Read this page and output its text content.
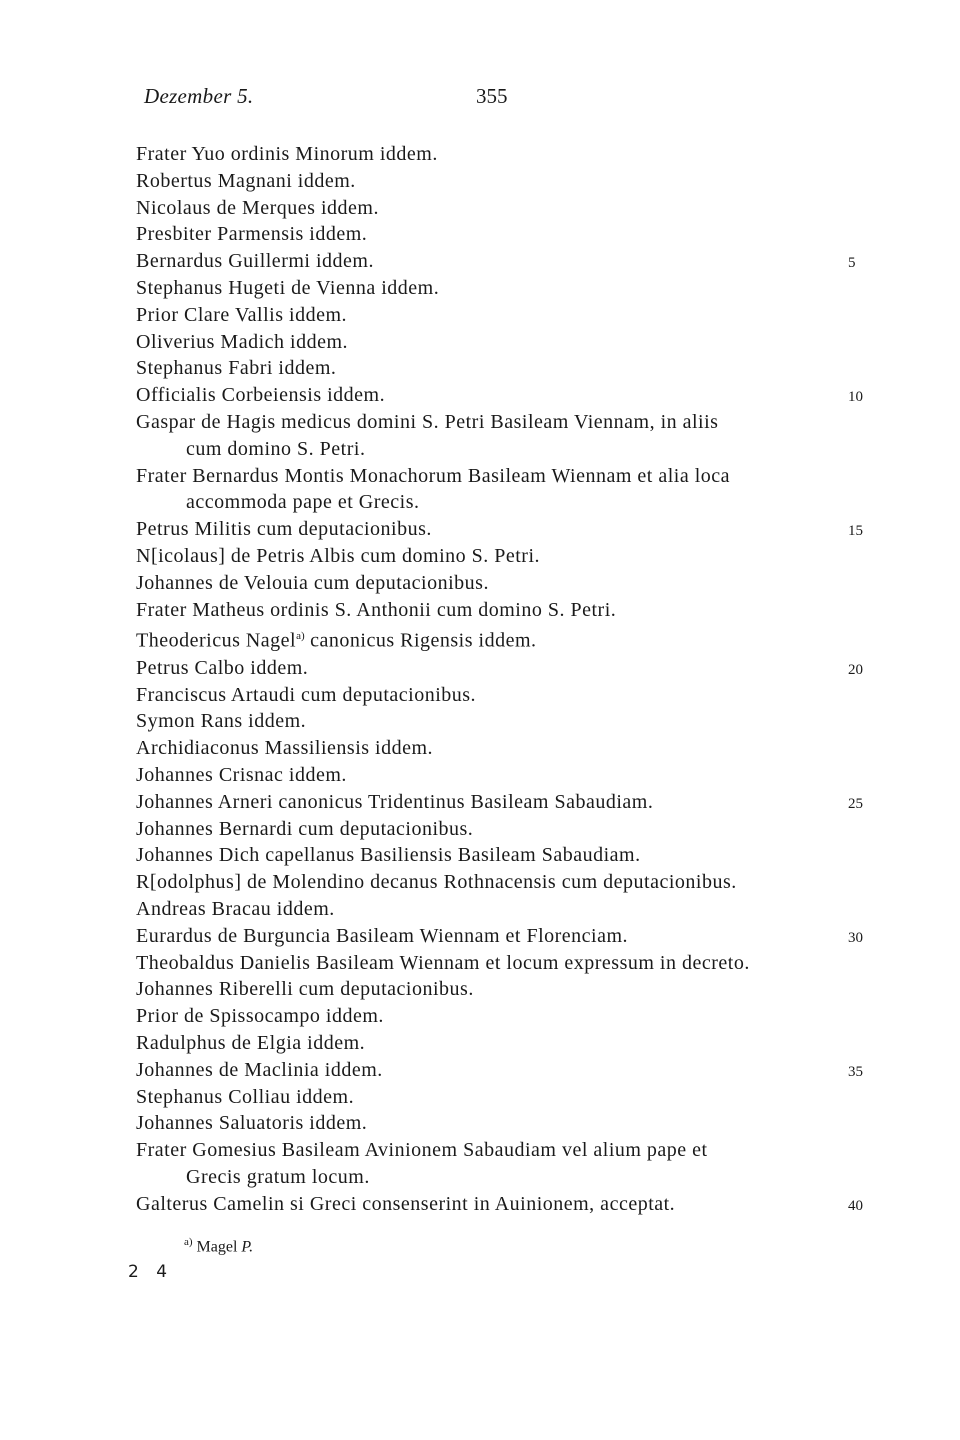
Dezember 5.	355
Frater Yuo ordinis Minorum iddem.
Robertus Magnani iddem.
Nicolaus de Merques iddem.
Presbiter Parmensis iddem.
Bernardus Guillermi iddem.	5
Stephanus Hugeti de Vienna iddem.
Prior Clare Vallis iddem.
Oliverius Madich iddem.
Stephanus Fabri iddem.
Officialis Corbeiensis iddem.	10
Gaspar de Hagis medicus domini S. Petri Basileam Viennam, in aliis
cum domino S. Petri.
Frater Bernardus Montis Monachorum Basileam Wiennam et alia loca
accommoda pape et Grecis.
Petrus Militis cum deputacionibus.	15
N[icolaus] de Petris Albis cum domino S. Petri.
Johannes de Velouia cum deputacionibus.
Frater Matheus ordinis S. Anthonii cum domino S. Petri.
Theodericus Nagel$^{a)}$ canonicus Rigensis iddem.
Petrus Calbo iddem.	20
Franciscus Artaudi cum deputacionibus.
Symon Rans iddem.
Archidiaconus Massiliensis iddem.
Johannes Crisnac iddem.
Johannes Arneri canonicus Tridentinus Basileam Sabaudiam.	25
Johannes Bernardi cum deputacionibus.
Johannes Dich capellanus Basiliensis Basileam Sabaudiam.
R[odolphus] de Molendino decanus Rothnacensis cum deputacionibus.
Andreas Bracau iddem.
Eurardus de Burguncia Basileam Wiennam et Florenciam.	30
Theobaldus Danielis Basileam Wiennam et locum expressum in decreto.
Johannes Riberelli cum deputacionibus.
Prior de Spissocampo iddem.
Radulphus de Elgia iddem.
Johannes de Maclinia iddem.	35
Stephanus Colliau iddem.
Johannes Saluatoris iddem.
Frater Gomesius Basileam Avinionem Sabaudiam vel alium pape et
Grecis gratum locum.
Galterus Camelin si Greci consenserint in Auinionem, acceptat.	40
$^{a)}$ Magel P.
2 4
